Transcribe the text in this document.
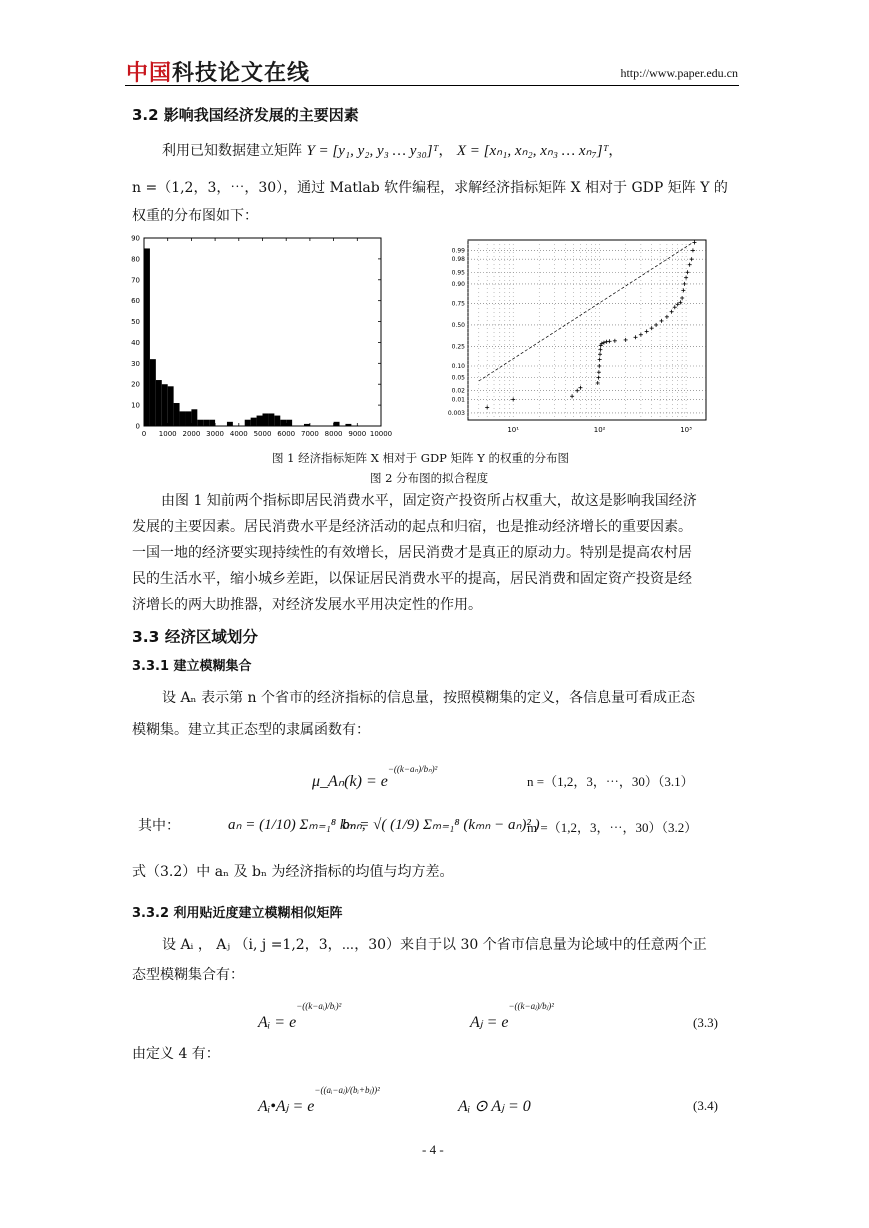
中国科技论文在线	http://www.paper.edu.cn
3.2 影响我国经济发展的主要因素
利用已知数据建立矩阵 Y = [y₁, y₂, y₃ … y₃₀]ᵀ， X = [xₙ₁, xₙ₂, xₙ₃ … xₙ₇]ᵀ，
n =（1,2，3，⋯，30），通过 Matlab 软件编程，求解经济指标矩阵 X 相对于 GDP 矩阵 Y 的
权重的分布图如下：
0
10
20
30
40
50
60
70
80
90
0 1000 2000 3000 4000 5000 6000 7000 8000 9000 10000
0.003
0.01
0.02
0.05
0.10
0.25
0.50
0.75
0.90
0.95
0.98
0.99
10¹	10²	10³
图 1 经济指标矩阵 X 相对于 GDP 矩阵 Y 的权重的分布图
图 2 分布图的拟合程度
由图 1 知前两个指标即居民消费水平，固定资产投资所占权重大，故这是影响我国经济
发展的主要因素。居民消费水平是经济活动的起点和归宿，也是推动经济增长的重要因素。
一国一地的经济要实现持续性的有效增长，居民消费才是真正的原动力。特别是提高农村居
民的生活水平，缩小城乡差距，以保证居民消费水平的提高，居民消费和固定资产投资是经
济增长的两大助推器，对经济发展水平用决定性的作用。
3.3 经济区域划分
3.3.1 建立模糊集合
设 Aₙ 表示第 n 个省市的经济指标的信息量，按照模糊集的定义，各信息量可看成正态
模糊集。建立其正态型的隶属函数有：
μ_Aₙ(k) = e−((k−aₙ)/bₙ)²
n =（1,2，3，⋯，30）（3.1）
其中：	aₙ = (1/10) Σₘ₌₁⁸ kₘₙ,
bₙ = √( (1/9) Σₘ₌₁⁸ (kₘₙ − aₙ)² )
m =（1,2，3，⋯，30）（3.2）
式（3.2）中 aₙ 及 bₙ 为经济指标的均值与均方差。
3.3.2 利用贴近度建立模糊相似矩阵
设 Aᵢ ， Aⱼ （i, j =1,2，3，⋯，30）来自于以 30 个省市信息量为论域中的任意两个正
态型模糊集合有：
Aᵢ = e−((k−aᵢ)/bᵢ)²
Aⱼ = e−((k−aⱼ)/bⱼ)²
(3.3)
由定义 4 有：
Aᵢ•Aⱼ = e−((aᵢ−aⱼ)/(bᵢ+bⱼ))²
Aᵢ ⊙ Aⱼ = 0	(3.4)
- 4 -
